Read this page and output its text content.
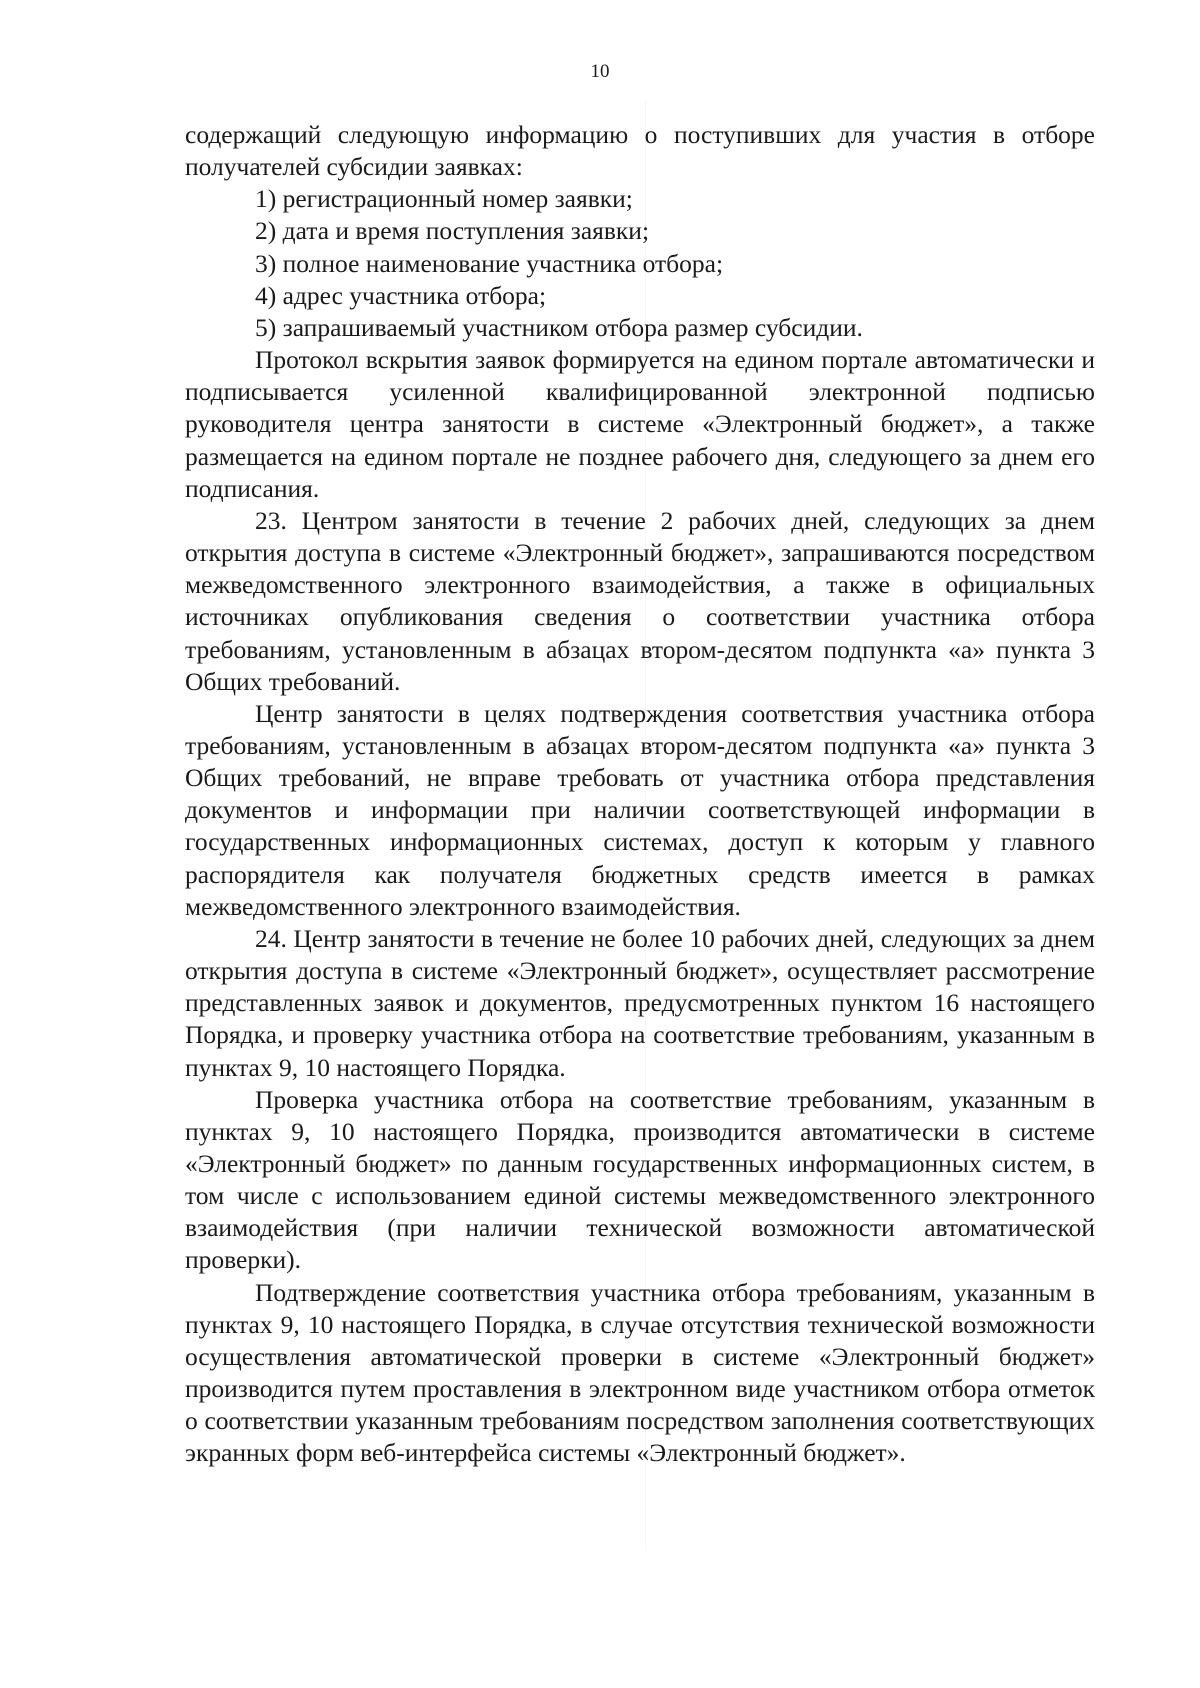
10

содержащий следующую информацию о поступивших для участия в отборе получателей субсидии заявках:

1) регистрационный номер заявки;

2) дата и время поступления заявки;

3) полное наименование участника отбора;

4) адрес участника отбора;

5) запрашиваемый участником отбора размер субсидии.

Протокол вскрытия заявок формируется на едином портале автоматически и подписывается усиленной квалифицированной электронной подписью руководителя центра занятости в системе «Электронный бюджет», а также размещается на едином портале не позднее рабочего дня, следующего за днем его подписания.

23. Центром занятости в течение 2 рабочих дней, следующих за днем открытия доступа в системе «Электронный бюджет», запрашиваются посредством межведомственного электронного взаимодействия, а также в официальных источниках опубликования сведения о соответствии участника отбора требованиям, установленным в абзацах втором-десятом подпункта «а» пункта 3 Общих требований.

Центр занятости в целях подтверждения соответствия участника отбора требованиям, установленным в абзацах втором-десятом подпункта «а» пункта 3 Общих требований, не вправе требовать от участника отбора представления документов и информации при наличии соответствующей информации в государственных информационных системах, доступ к которым у главного распорядителя как получателя бюджетных средств имеется в рамках межведомственного электронного взаимодействия.

24. Центр занятости в течение не более 10 рабочих дней, следующих за днем открытия доступа в системе «Электронный бюджет», осуществляет рассмотрение представленных заявок и документов, предусмотренных пунктом 16 настоящего Порядка, и проверку участника отбора на соответствие требованиям, указанным в пунктах 9, 10 настоящего Порядка.

Проверка участника отбора на соответствие требованиям, указанным в пунктах 9, 10 настоящего Порядка, производится автоматически в системе «Электронный бюджет» по данным государственных информационных систем, в том числе с использованием единой системы межведомственного электронного взаимодействия (при наличии технической возможности автоматической проверки).

Подтверждение соответствия участника отбора требованиям, указанным в пунктах 9, 10 настоящего Порядка, в случае отсутствия технической возможности осуществления автоматической проверки в системе «Электронный бюджет» производится путем проставления в электронном виде участником отбора отметок о соответствии указанным требованиям посредством заполнения соответствующих экранных форм веб-интерфейса системы «Электронный бюджет».
